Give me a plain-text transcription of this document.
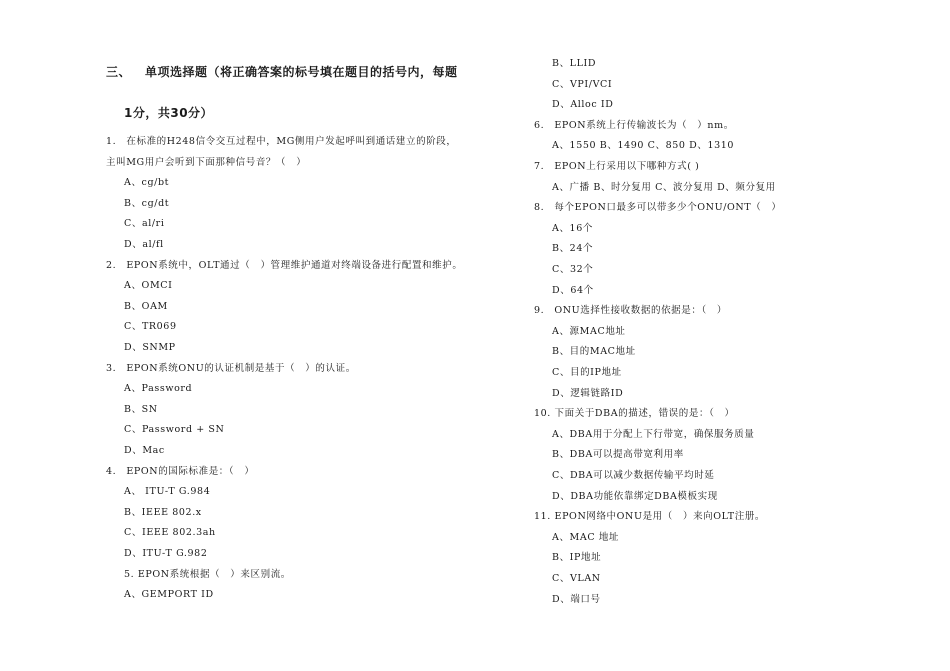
三、 单项选择题（将正确答案的标号填在题目的括号内，每题
1分，共30分）
1.　在标准的H248信令交互过程中，MG侧用户发起呼叫到通话建立的阶段，
主叫MG用户会听到下面那种信号音？（　）
A、cg/bt
B、cg/dt
C、al/ri
D、al/fl
2.　EPON系统中，OLT通过（　）管理维护通道对终端设备进行配置和维护。
A、OMCI
B、OAM
C、TR069
D、SNMP
3.　EPON系统ONU的认证机制是基于（　）的认证。
A、Password
B、SN
C、Password + SN
D、Mac
4.　EPON的国际标准是：（　）
A、 ITU-T G.984
B、IEEE 802.x
C、IEEE 802.3ah
D、ITU-T G.982
5. EPON系统根据（　）来区别流。
A、GEMPORT ID
B、LLID
C、VPI/VCI
D、Alloc ID
6.　EPON系统上行传输波长为（　）nm。
A、1550 B、1490 C、850 D、1310
7.　EPON上行采用以下哪种方式( )
A、广播 B、时分复用 C、波分复用 D、频分复用
8.　每个EPON口最多可以带多少个ONU/ONT（　）
A、16个
B、24个
C、32个
D、64个
9.　ONU选择性接收数据的依据是：（　）
A、源MAC地址
B、目的MAC地址
C、目的IP地址
D、逻辑链路ID
10. 下面关于DBA的描述，错误的是：（　）
A、DBA用于分配上下行带宽，确保服务质量
B、DBA可以提高带宽利用率
C、DBA可以减少数据传输平均时延
D、DBA功能依靠绑定DBA模板实现
11. EPON网络中ONU是用（　）来向OLT注册。
A、MAC 地址
B、IP地址
C、VLAN
D、端口号
